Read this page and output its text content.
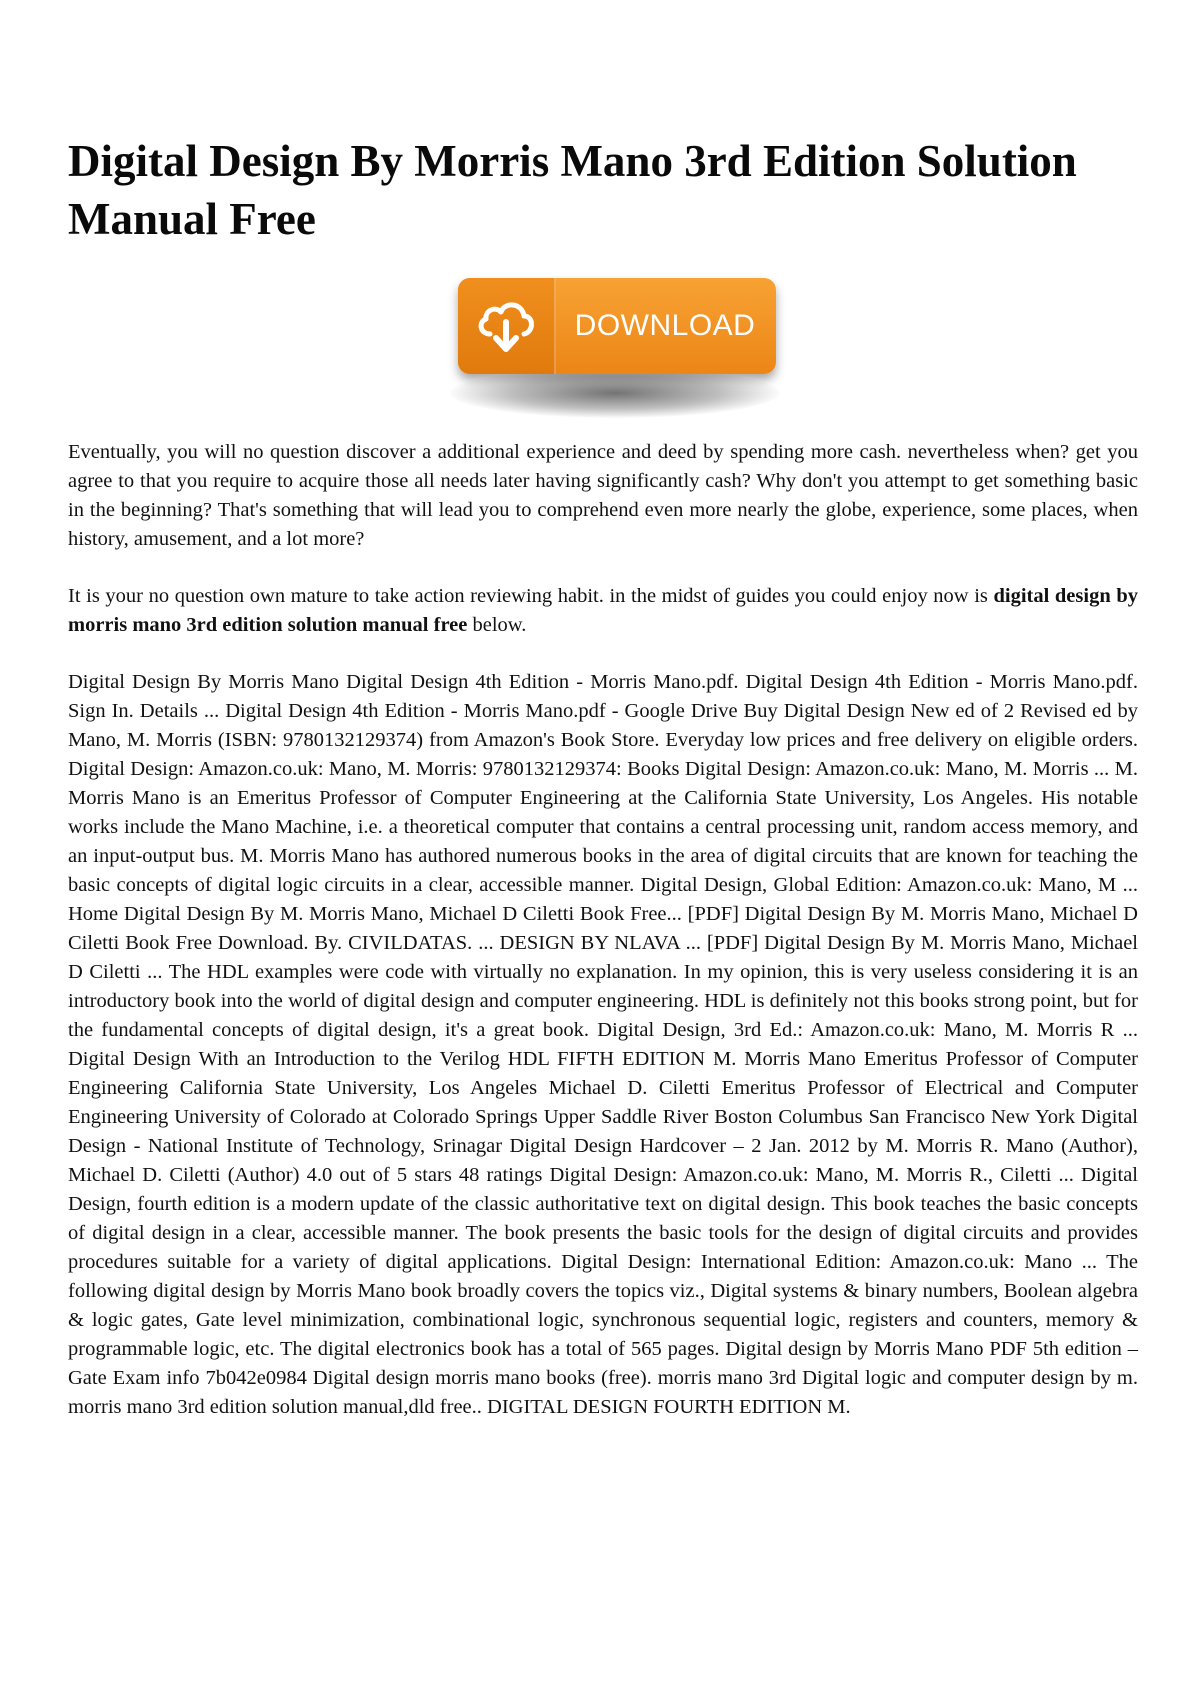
Digital Design By Morris Mano 3rd Edition Solution Manual Free
DOWNLOAD

Eventually, you will no question discover a additional experience and deed by spending more cash. nevertheless when? get you agree to that you require to acquire those all needs later having significantly cash? Why don't you attempt to get something basic in the beginning? That's something that will lead you to comprehend even more nearly the globe, experience, some places, when history, amusement, and a lot more?

It is your no question own mature to take action reviewing habit. in the midst of guides you could enjoy now is digital design by morris mano 3rd edition solution manual free below.

Digital Design By Morris Mano Digital Design 4th Edition - Morris Mano.pdf. Digital Design 4th Edition - Morris Mano.pdf. Sign In. Details ... Digital Design 4th Edition - Morris Mano.pdf - Google Drive Buy Digital Design New ed of 2 Revised ed by Mano, M. Morris (ISBN: 9780132129374) from Amazon's Book Store. Everyday low prices and free delivery on eligible orders. Digital Design: Amazon.co.uk: Mano, M. Morris: 9780132129374: Books Digital Design: Amazon.co.uk: Mano, M. Morris ... M. Morris Mano is an Emeritus Professor of Computer Engineering at the California State University, Los Angeles. His notable works include the Mano Machine, i.e. a theoretical computer that contains a central processing unit, random access memory, and an input-output bus. M. Morris Mano has authored numerous books in the area of digital circuits that are known for teaching the basic concepts of digital logic circuits in a clear, accessible manner. Digital Design, Global Edition: Amazon.co.uk: Mano, M ... Home Digital Design By M. Morris Mano, Michael D Ciletti Book Free... [PDF] Digital Design By M. Morris Mano, Michael D Ciletti Book Free Download. By. CIVILDATAS. ... DESIGN BY NLAVA ... [PDF] Digital Design By M. Morris Mano, Michael D Ciletti ... The HDL examples were code with virtually no explanation. In my opinion, this is very useless considering it is an introductory book into the world of digital design and computer engineering. HDL is definitely not this books strong point, but for the fundamental concepts of digital design, it's a great book. Digital Design, 3rd Ed.: Amazon.co.uk: Mano, M. Morris R ... Digital Design With an Introduction to the Verilog HDL FIFTH EDITION M. Morris Mano Emeritus Professor of Computer Engineering California State University, Los Angeles Michael D. Ciletti Emeritus Professor of Electrical and Computer Engineering University of Colorado at Colorado Springs Upper Saddle River Boston Columbus San Francisco New York Digital Design - National Institute of Technology, Srinagar Digital Design Hardcover – 2 Jan. 2012 by M. Morris R. Mano (Author), Michael D. Ciletti (Author) 4.0 out of 5 stars 48 ratings Digital Design: Amazon.co.uk: Mano, M. Morris R., Ciletti ... Digital Design, fourth edition is a modern update of the classic authoritative text on digital design. This book teaches the basic concepts of digital design in a clear, accessible manner. The book presents the basic tools for the design of digital circuits and provides procedures suitable for a variety of digital applications. Digital Design: International Edition: Amazon.co.uk: Mano ... The following digital design by Morris Mano book broadly covers the topics viz., Digital systems & binary numbers, Boolean algebra & logic gates, Gate level minimization, combinational logic, synchronous sequential logic, registers and counters, memory & programmable logic, etc. The digital electronics book has a total of 565 pages. Digital design by Morris Mano PDF 5th edition – Gate Exam info 7b042e0984 Digital design morris mano books (free). morris mano 3rd Digital logic and computer design by m. morris mano 3rd edition solution manual,dld free.. DIGITAL DESIGN FOURTH EDITION M.
